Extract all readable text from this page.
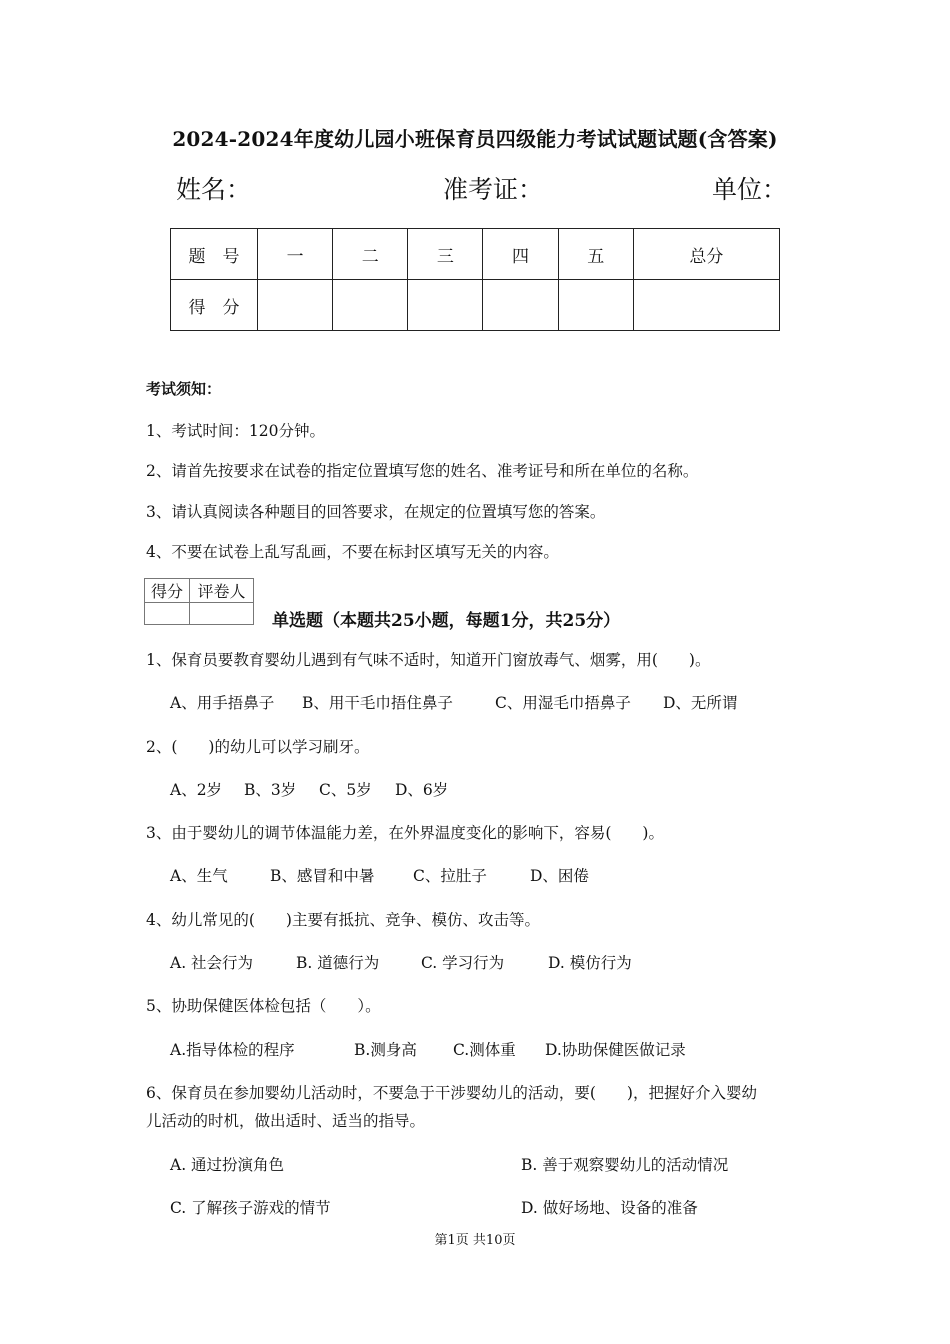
2024-2024年度幼儿园小班保育员四级能力考试试题试题(含答案)
姓名：	准考证：	单位：
题　号	一	二	三	四	五	总分
得　分						
考试须知：
1、考试时间：120分钟。
2、请首先按要求在试卷的指定位置填写您的姓名、准考证号和所在单位的名称。
3、请认真阅读各种题目的回答要求，在规定的位置填写您的答案。
4、不要在试卷上乱写乱画，不要在标封区填写无关的内容。
得分	评卷人

单选题（本题共25小题，每题1分，共25分）
1、保育员要教育婴幼儿遇到有气味不适时，知道开门窗放毒气、烟雾，用(　　)。
A、用手捂鼻子 B、用干毛巾捂住鼻子	C、用湿毛巾捂鼻子 D、无所谓
2、(　　)的幼儿可以学习刷牙。
A、2岁 B、3岁 C、5岁 D、6岁
3、由于婴幼儿的调节体温能力差，在外界温度变化的影响下，容易(　　)。
A、生气	B、感冒和中暑 C、拉肚子	D、困倦
4、幼儿常见的(　　)主要有抵抗、竞争、模仿、攻击等。
A. 社会行为	B. 道德行为	C. 学习行为	D. 模仿行为
5、协助保健医体检包括（　　）。
A.指导体检的程序	B.测身高 C.测体重 D.协助保健医做记录
6、保育员在参加婴幼儿活动时，不要急于干涉婴幼儿的活动，要(　　)，把握好介入婴幼
儿活动的时机，做出适时、适当的指导。
A. 通过扮演角色	B. 善于观察婴幼儿的活动情况
C. 了解孩子游戏的情节	D. 做好场地、设备的准备
第1页 共10页
